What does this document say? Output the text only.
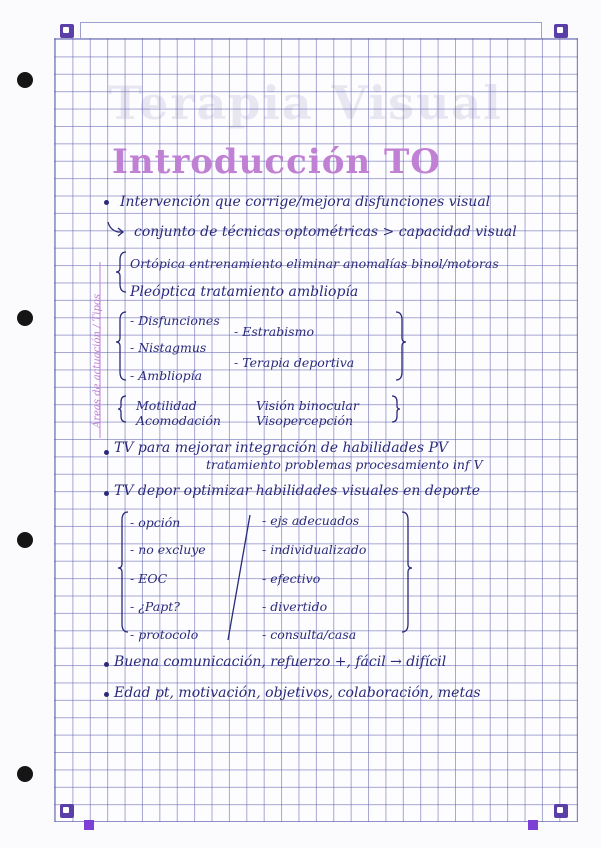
Terapia Visual
Introducción TO
Áreas de actuación / Tipos
Intervención que corrige/mejora disfunciones visual
conjunto de técnicas optométricas > capacidad visual
Ortópica entrenamiento eliminar anomalías binol/motoras
Pleóptica tratamiento ambliopía
- Disfunciones
- Estrabismo
- Nistagmus
- Terapia deportiva
- Ambliopía
Motilidad	Visión binocular
Acomodación	Visopercepción
TV para mejorar integración de habilidades PV
tratamiento problemas procesamiento inf V
TV depor optimizar habilidades visuales en deporte
- opción
- no excluye
- EOC
- ¿Papt?
- protocolo
- ejs adecuados
- individualizado
- efectivo
- divertido
- consulta/casa
Buena comunicación, refuerzo +, fácil → difícil
Edad pt, motivación, objetivos, colaboración, metas
